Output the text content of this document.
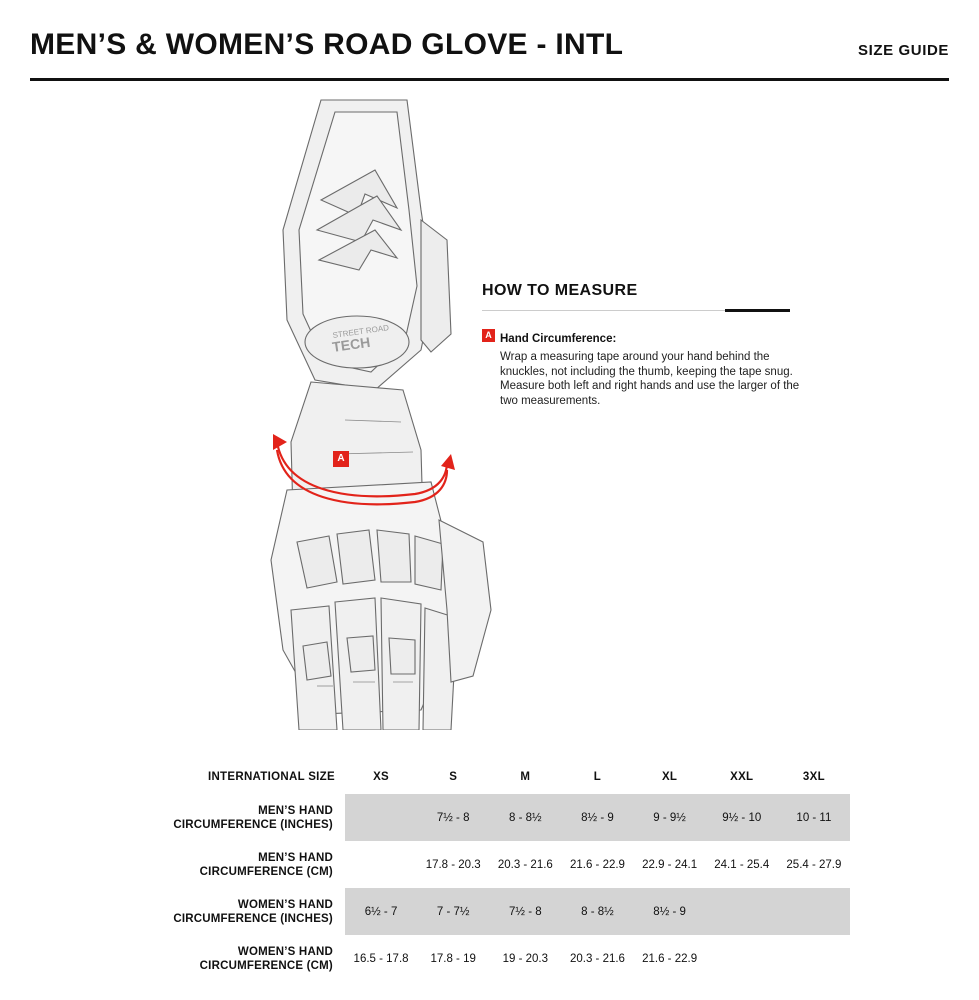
MEN’S & WOMEN’S ROAD GLOVE - INTL	SIZE GUIDE
STREET ROAD
TECH
A
HOW TO MEASURE
A Hand Circumference:
Wrap a measuring tape around your hand behind the knuckles, not including the thumb, keeping the tape snug. Measure both left and right hands and use the larger of the two measurements.
INTERNATIONAL SIZE	XS	S	M	L	XL	XXL	3XL

MEN’S HAND
CIRCUMFERENCE (INCHES)		7½ - 8	8 - 8½	8½ - 9	9 - 9½	9½ - 10	10 - 11

MEN’S HAND
CIRCUMFERENCE (CM)		17.8 - 20.3	20.3 - 21.6	21.6 - 22.9	22.9 - 24.1	24.1 - 25.4	25.4 - 27.9

WOMEN’S HAND
CIRCUMFERENCE (INCHES)	6½ - 7	7 - 7½	7½ - 8	8 - 8½	8½ - 9		

WOMEN’S HAND
CIRCUMFERENCE (CM)	16.5 - 17.8	17.8 - 19	19 - 20.3	20.3 - 21.6	21.6 - 22.9		
